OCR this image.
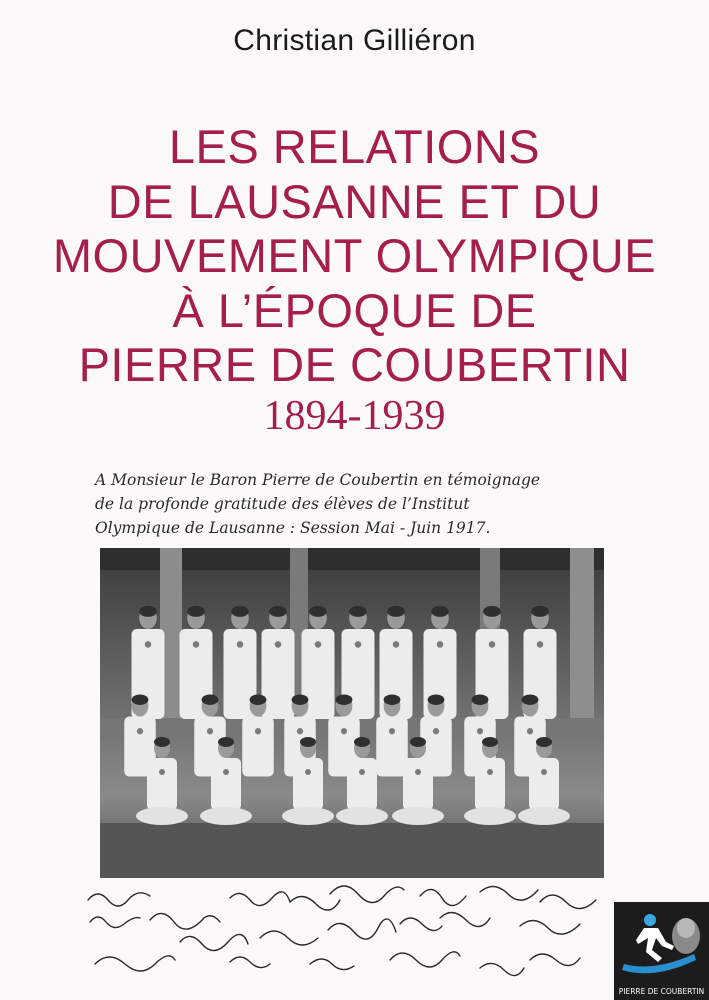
Christian Gilliéron
LES RELATIONS
DE LAUSANNE ET DU
MOUVEMENT OLYMPIQUE
À L’ÉPOQUE DE
PIERRE DE COUBERTIN
1894-1939
A Monsieur le Baron Pierre de Coubertin en témoignage
de la profonde gratitude des élèves de l’Institut
Olympique de Lausanne : Session Mai - Juin 1917.
PIERRE DE COUBERTIN
